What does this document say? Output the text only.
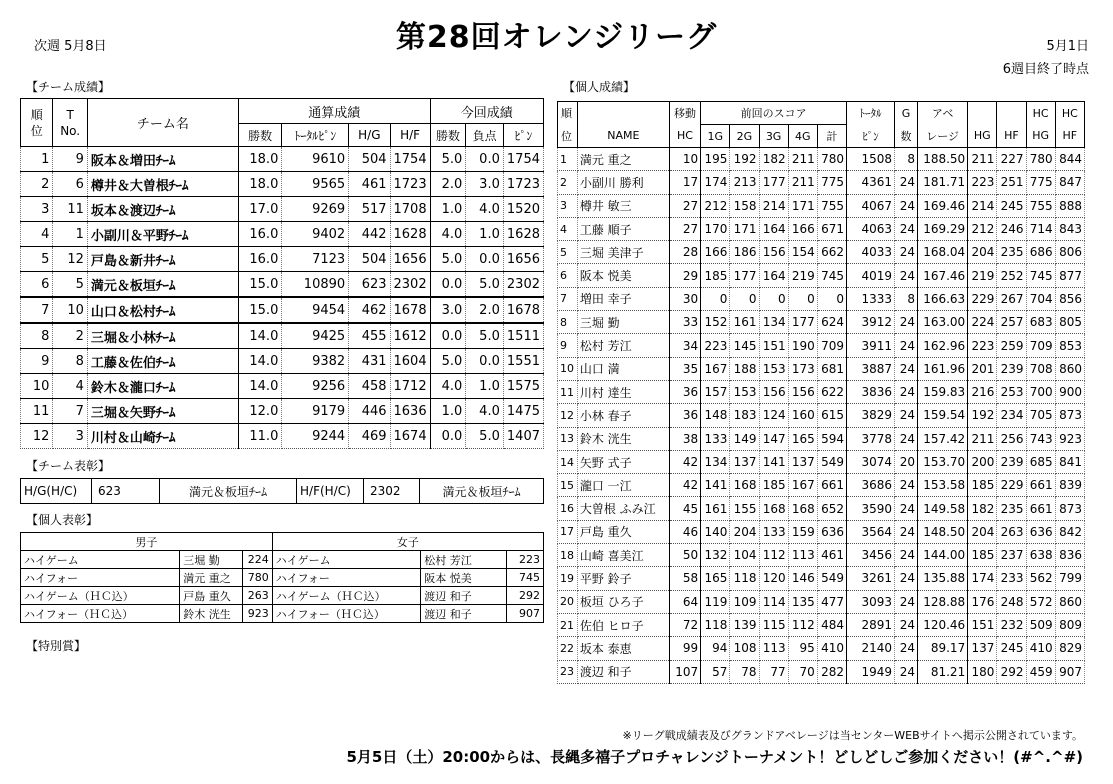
次週 5月8日	第28回オレンジリーグ	5月1日
6週目終了時点
【チーム成績】	【個人成績】
順
位	T
No.	チーム名	通算成績				今回成績		
			勝数	ﾄｰﾀﾙﾋﾟﾝ	H/G	H/F	勝数	負点	ﾋﾟﾝ
1	9	阪本＆増田ﾁｰﾑ	18.0	9610	504	1754	5.0	0.0	1754
2	6	樽井＆大曽根ﾁｰﾑ	18.0	9565	461	1723	2.0	3.0	1723
3	11	坂本＆渡辺ﾁｰﾑ	17.0	9269	517	1708	1.0	4.0	1520
4	1	小副川＆平野ﾁｰﾑ	16.0	9402	442	1628	4.0	1.0	1628
5	12	戸島＆新井ﾁｰﾑ	16.0	7123	504	1656	5.0	0.0	1656
6	5	満元＆板垣ﾁｰﾑ	15.0	10890	623	2302	0.0	5.0	2302
7	10	山口＆松村ﾁｰﾑ	15.0	9454	462	1678	3.0	2.0	1678
8	2	三堀＆小林ﾁｰﾑ	14.0	9425	455	1612	0.0	5.0	1511
9	8	工藤＆佐伯ﾁｰﾑ	14.0	9382	431	1604	5.0	0.0	1551
10	4	鈴木＆瀧口ﾁｰﾑ	14.0	9256	458	1712	4.0	1.0	1575
11	7	三堀＆矢野ﾁｰﾑ	12.0	9179	446	1636	1.0	4.0	1475
12	3	川村＆山崎ﾁｰﾑ	11.0	9244	469	1674	0.0	5.0	1407
【チーム表彰】
H/G(H/C)	623	満元＆板垣ﾁｰﾑ	H/F(H/C)	2302	満元＆板垣ﾁｰﾑ
【個人表彰】
男子			女子		
ハイゲーム	三堀 勤	224	ハイゲーム	松村 芳江	223
ハイフォー	満元 重之	780	ハイフォー	阪本 悦美	745
ハイゲーム（ＨＣ込）	戸島 重久	263	ハイゲーム（ＨＣ込）	渡辺 和子	292
ハイフォー（ＨＣ込）	鈴木 洸生	923	ハイフォー（ＨＣ込）	渡辺 和子	907
【特別賞】
順		移動	前回のスコア					ﾄｰﾀﾙ	G	アベ			HC	HC
位	NAME	HC	1G	2G	3G	4G	計	ﾋﾟﾝ	数	レージ	HG	HF	HG	HF
1	満元 重之	10	195	192	182	211	780	1508	8	188.50	211	227	780	844
2	小副川 勝利	17	174	213	177	211	775	4361	24	181.71	223	251	775	847
3	樽井 敏三	27	212	158	214	171	755	4067	24	169.46	214	245	755	888
4	工藤 順子	27	170	171	164	166	671	4063	24	169.29	212	246	714	843
5	三堀 美津子	28	166	186	156	154	662	4033	24	168.04	204	235	686	806
6	阪本 悦美	29	185	177	164	219	745	4019	24	167.46	219	252	745	877
7	増田 幸子	30	0	0	0	0	0	1333	8	166.63	229	267	704	856
8	三堀 勤	33	152	161	134	177	624	3912	24	163.00	224	257	683	805
9	松村 芳江	34	223	145	151	190	709	3911	24	162.96	223	259	709	853
10	山口 満	35	167	188	153	173	681	3887	24	161.96	201	239	708	860
11	川村 達生	36	157	153	156	156	622	3836	24	159.83	216	253	700	900
12	小林 春子	36	148	183	124	160	615	3829	24	159.54	192	234	705	873
13	鈴木 洸生	38	133	149	147	165	594	3778	24	157.42	211	256	743	923
14	矢野 式子	42	134	137	141	137	549	3074	20	153.70	200	239	685	841
15	瀧口 一江	42	141	168	185	167	661	3686	24	153.58	185	229	661	839
16	大曽根 ふみ江	45	161	155	168	168	652	3590	24	149.58	182	235	661	873
17	戸島 重久	46	140	204	133	159	636	3564	24	148.50	204	263	636	842
18	山崎 喜美江	50	132	104	112	113	461	3456	24	144.00	185	237	638	836
19	平野 鈴子	58	165	118	120	146	549	3261	24	135.88	174	233	562	799
20	板垣 ひろ子	64	119	109	114	135	477	3093	24	128.88	176	248	572	860
21	佐伯 ヒロ子	72	118	139	115	112	484	2891	24	120.46	151	232	509	809
22	坂本 泰恵	99	94	108	113	95	410	2140	24	89.17	137	245	410	829
23	渡辺 和子	107	57	78	77	70	282	1949	24	81.21	180	292	459	907
※リーグ戦成績表及びグランドアベレージは当センターWEBサイトへ掲示公開されています。
5月5日（土）20:00からは、長縄多禧子プロチャレンジトーナメント！どしどしご参加ください！(#^.^#)
